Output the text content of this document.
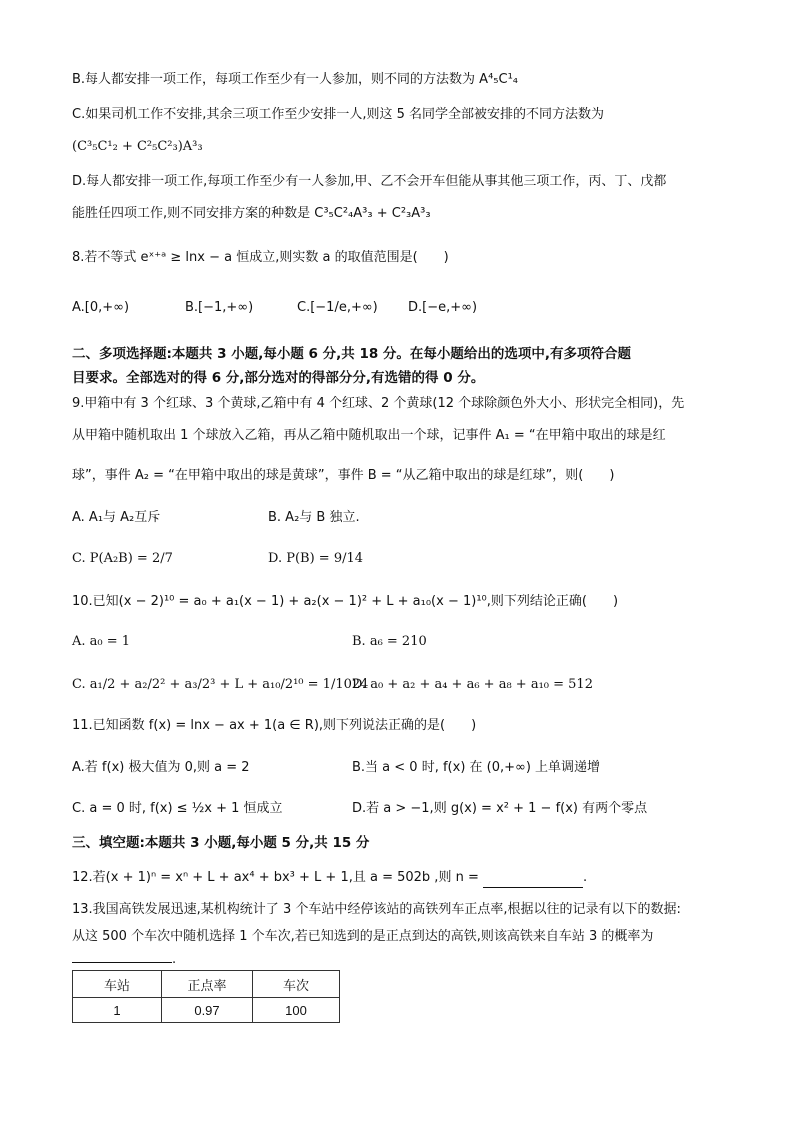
B.每人都安排一项工作，每项工作至少有一人参加，则不同的方法数为 A⁴₅C¹₄
C.如果司机工作不安排,其余三项工作至少安排一人,则这 5 名同学全部被安排的不同方法数为
(C³₅C¹₂ + C²₅C²₃)A³₃
D.每人都安排一项工作,每项工作至少有一人参加,甲、乙不会开车但能从事其他三项工作，丙、丁、戊都
能胜任四项工作,则不同安排方案的种数是 C³₅C²₄A³₃ + C²₃A³₃
8.若不等式 eˣ⁺ᵃ ≥ lnx − a 恒成立,则实数 a 的取值范围是(　　)
A.[0,+∞)	B.[−1,+∞)	C.[−1/e,+∞) D.[−e,+∞)
二、多项选择题:本题共 3 小题,每小题 6 分,共 18 分。在每小题给出的选项中,有多项符合题
目要求。全部选对的得 6 分,部分选对的得部分分,有选错的得 0 分。
9.甲箱中有 3 个红球、3 个黄球,乙箱中有 4 个红球、2 个黄球(12 个球除颜色外大小、形状完全相同)，先
从甲箱中随机取出 1 个球放入乙箱，再从乙箱中随机取出一个球，记事件 A₁ = “在甲箱中取出的球是红
球”，事件 A₂ = “在甲箱中取出的球是黄球”，事件 B = “从乙箱中取出的球是红球”，则(　　)
A. A₁与 A₂互斥	B. A₂与 B 独立.
C. P(A₂B) = 2/7	D. P(B) = 9/14
10.已知(x − 2)¹⁰ = a₀ + a₁(x − 1) + a₂(x − 1)² + L + a₁₀(x − 1)¹⁰,则下列结论正确(　　)
A. a₀ = 1	B. a₆ = 210
C. a₁/2 + a₂/2² + a₃/2³ + L + a₁₀/2¹⁰ = 1/1024
D. a₀ + a₂ + a₄ + a₆ + a₈ + a₁₀ = 512
11.已知函数 f(x) = lnx − ax + 1(a ∈ R),则下列说法正确的是(　　)
A.若 f(x) 极大值为 0,则 a = 2	B.当 a < 0 时, f(x) 在 (0,+∞) 上单调递增
C. a = 0 时, f(x) ≤ ½x + 1 恒成立	D.若 a > −1,则 g(x) = x² + 1 − f(x) 有两个零点
三、填空题:本题共 3 小题,每小题 5 分,共 15 分
12.若(x + 1)ⁿ = xⁿ + L + ax⁴ + bx³ + L + 1,且 a = 502b ,则 n =	.
13.我国高铁发展迅速,某机构统计了 3 个车站中经停该站的高铁列车正点率,根据以往的记录有以下的数据:
从这 500 个车次中随机选择 1 个车次,若已知选到的是正点到达的高铁,则该高铁来自车站 3 的概率为
.
车站	正点率	车次
1	0.97	100
